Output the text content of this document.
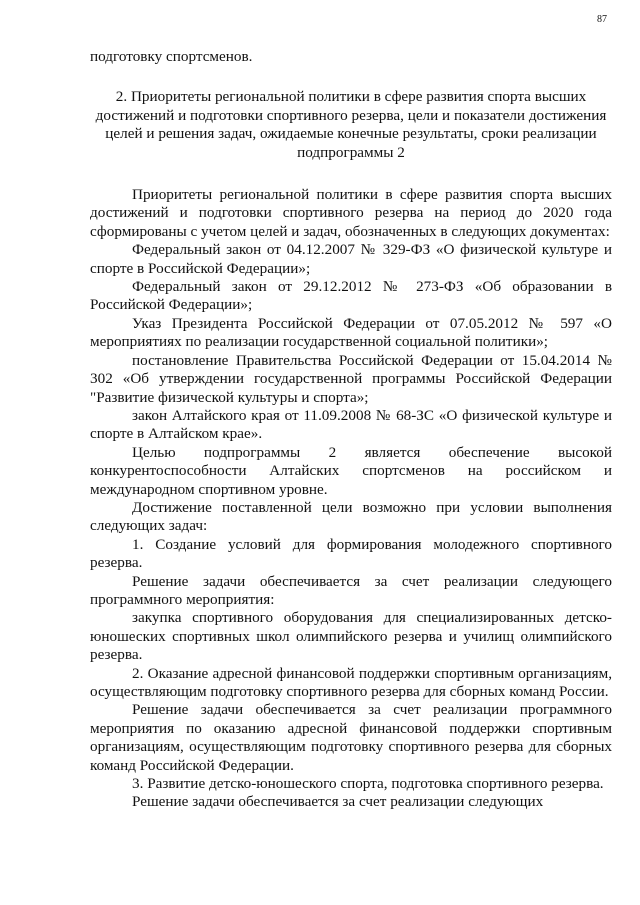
87

подготовку спортсменов.

2. Приоритеты региональной политики в сфере развития спорта высших достижений и подготовки спортивного резерва, цели и показатели достижения целей и решения задач, ожидаемые конечные результаты, сроки реализации подпрограммы 2

Приоритеты региональной политики в сфере развития спорта высших достижений и подготовки спортивного резерва на период до 2020 года сформированы с учетом целей и задач, обозначенных в следующих документах:

Федеральный закон от 04.12.2007 № 329-ФЗ «О физической культуре и спорте в Российской Федерации»;

Федеральный закон от 29.12.2012 № 273-ФЗ «Об образовании в Российской Федерации»;

Указ Президента Российской Федерации от 07.05.2012 № 597 «О мероприятиях по реализации государственной социальной политики»;

постановление Правительства Российской Федерации от 15.04.2014 № 302 «Об утверждении государственной программы Российской Федерации "Развитие физической культуры и спорта»;

закон Алтайского края от 11.09.2008 № 68-ЗС «О физической культуре и спорте в Алтайском крае».

Целью подпрограммы 2 является обеспечение высокой конкурентоспособности Алтайских спортсменов на российском и международном спортивном уровне.

Достижение поставленной цели возможно при условии выполнения следующих задач:

1. Создание условий для формирования молодежного спортивного резерва.

Решение задачи обеспечивается за счет реализации следующего программного мероприятия:

закупка спортивного оборудования для специализированных детско-юношеских спортивных школ олимпийского резерва и училищ олимпийского резерва.

2. Оказание адресной финансовой поддержки спортивным организациям, осуществляющим подготовку спортивного резерва для сборных команд России.

Решение задачи обеспечивается за счет реализации программного мероприятия по оказанию адресной финансовой поддержки спортивным организациям, осуществляющим подготовку спортивного резерва для сборных команд Российской Федерации.

3. Развитие детско-юношеского спорта, подготовка спортивного резерва.

Решение задачи обеспечивается за счет реализации следующих
